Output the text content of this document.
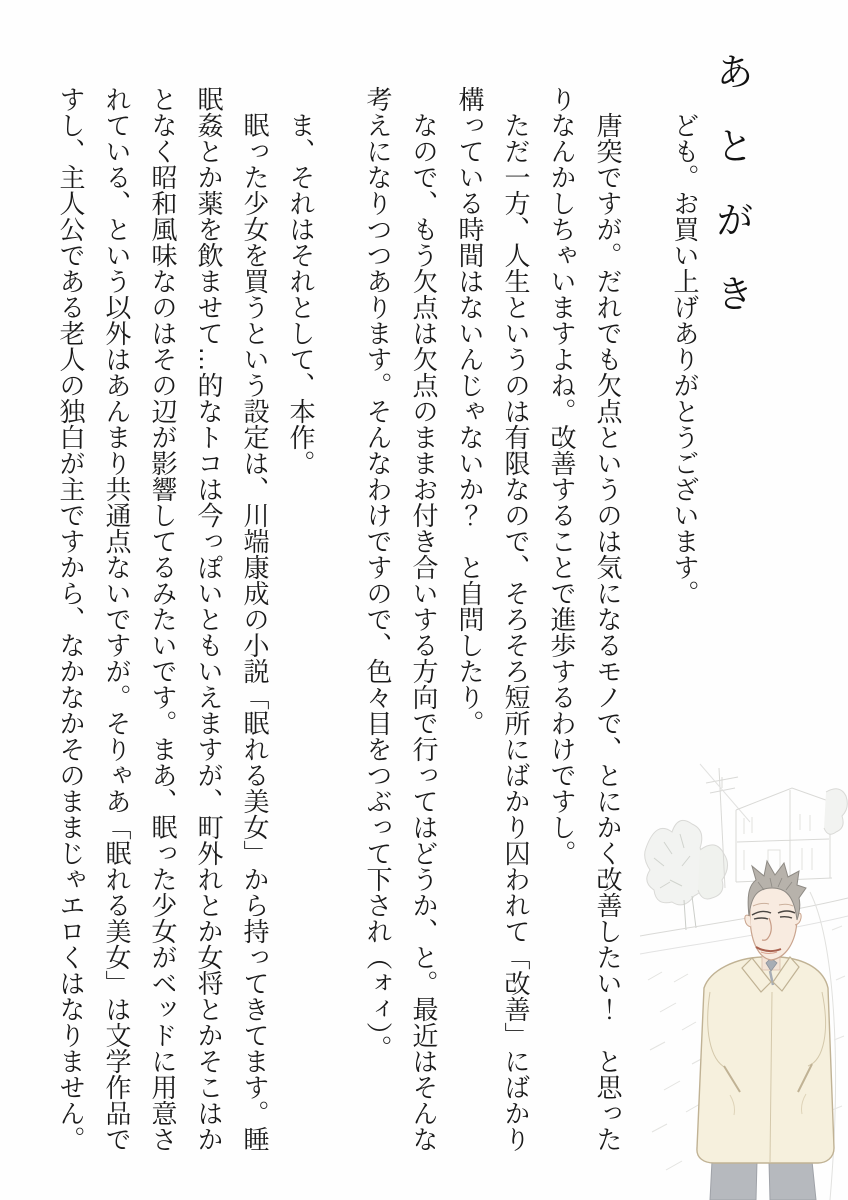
あとがき

ども。お買い上げありがとうございます。

唐突ですが。だれでも欠点というのは気になるモノで、とにかく改善したい！　と思った

りなんかしちゃいますよね。改善することで進歩するわけですし。

ただ一方、人生というのは有限なので、そろそろ短所にばかり囚われて「改善」にばかり

構っている時間はないんじゃないか？　と自問したり。

なので、もう欠点は欠点のままお付き合いする方向で行ってはどうか、と。最近はそんな

考えになりつつあります。そんなわけですので、色々目をつぶって下され（ォィ）。

ま、それはそれとして、本作。

眠った少女を買うという設定は、川端康成の小説「眠れる美女」から持ってきてます。睡

眠姦とか薬を飲ませて…的なトコは今っぽいともいえますが、町外れとか女将とかそこはか

となく昭和風味なのはその辺が影響してるみたいです。まあ、眠った少女がベッドに用意さ

れている、という以外はあんまり共通点ないですが。そりゃあ「眠れる美女」は文学作品で

すし、主人公である老人の独白が主ですから、なかなかそのままじゃエロくはなりません。
